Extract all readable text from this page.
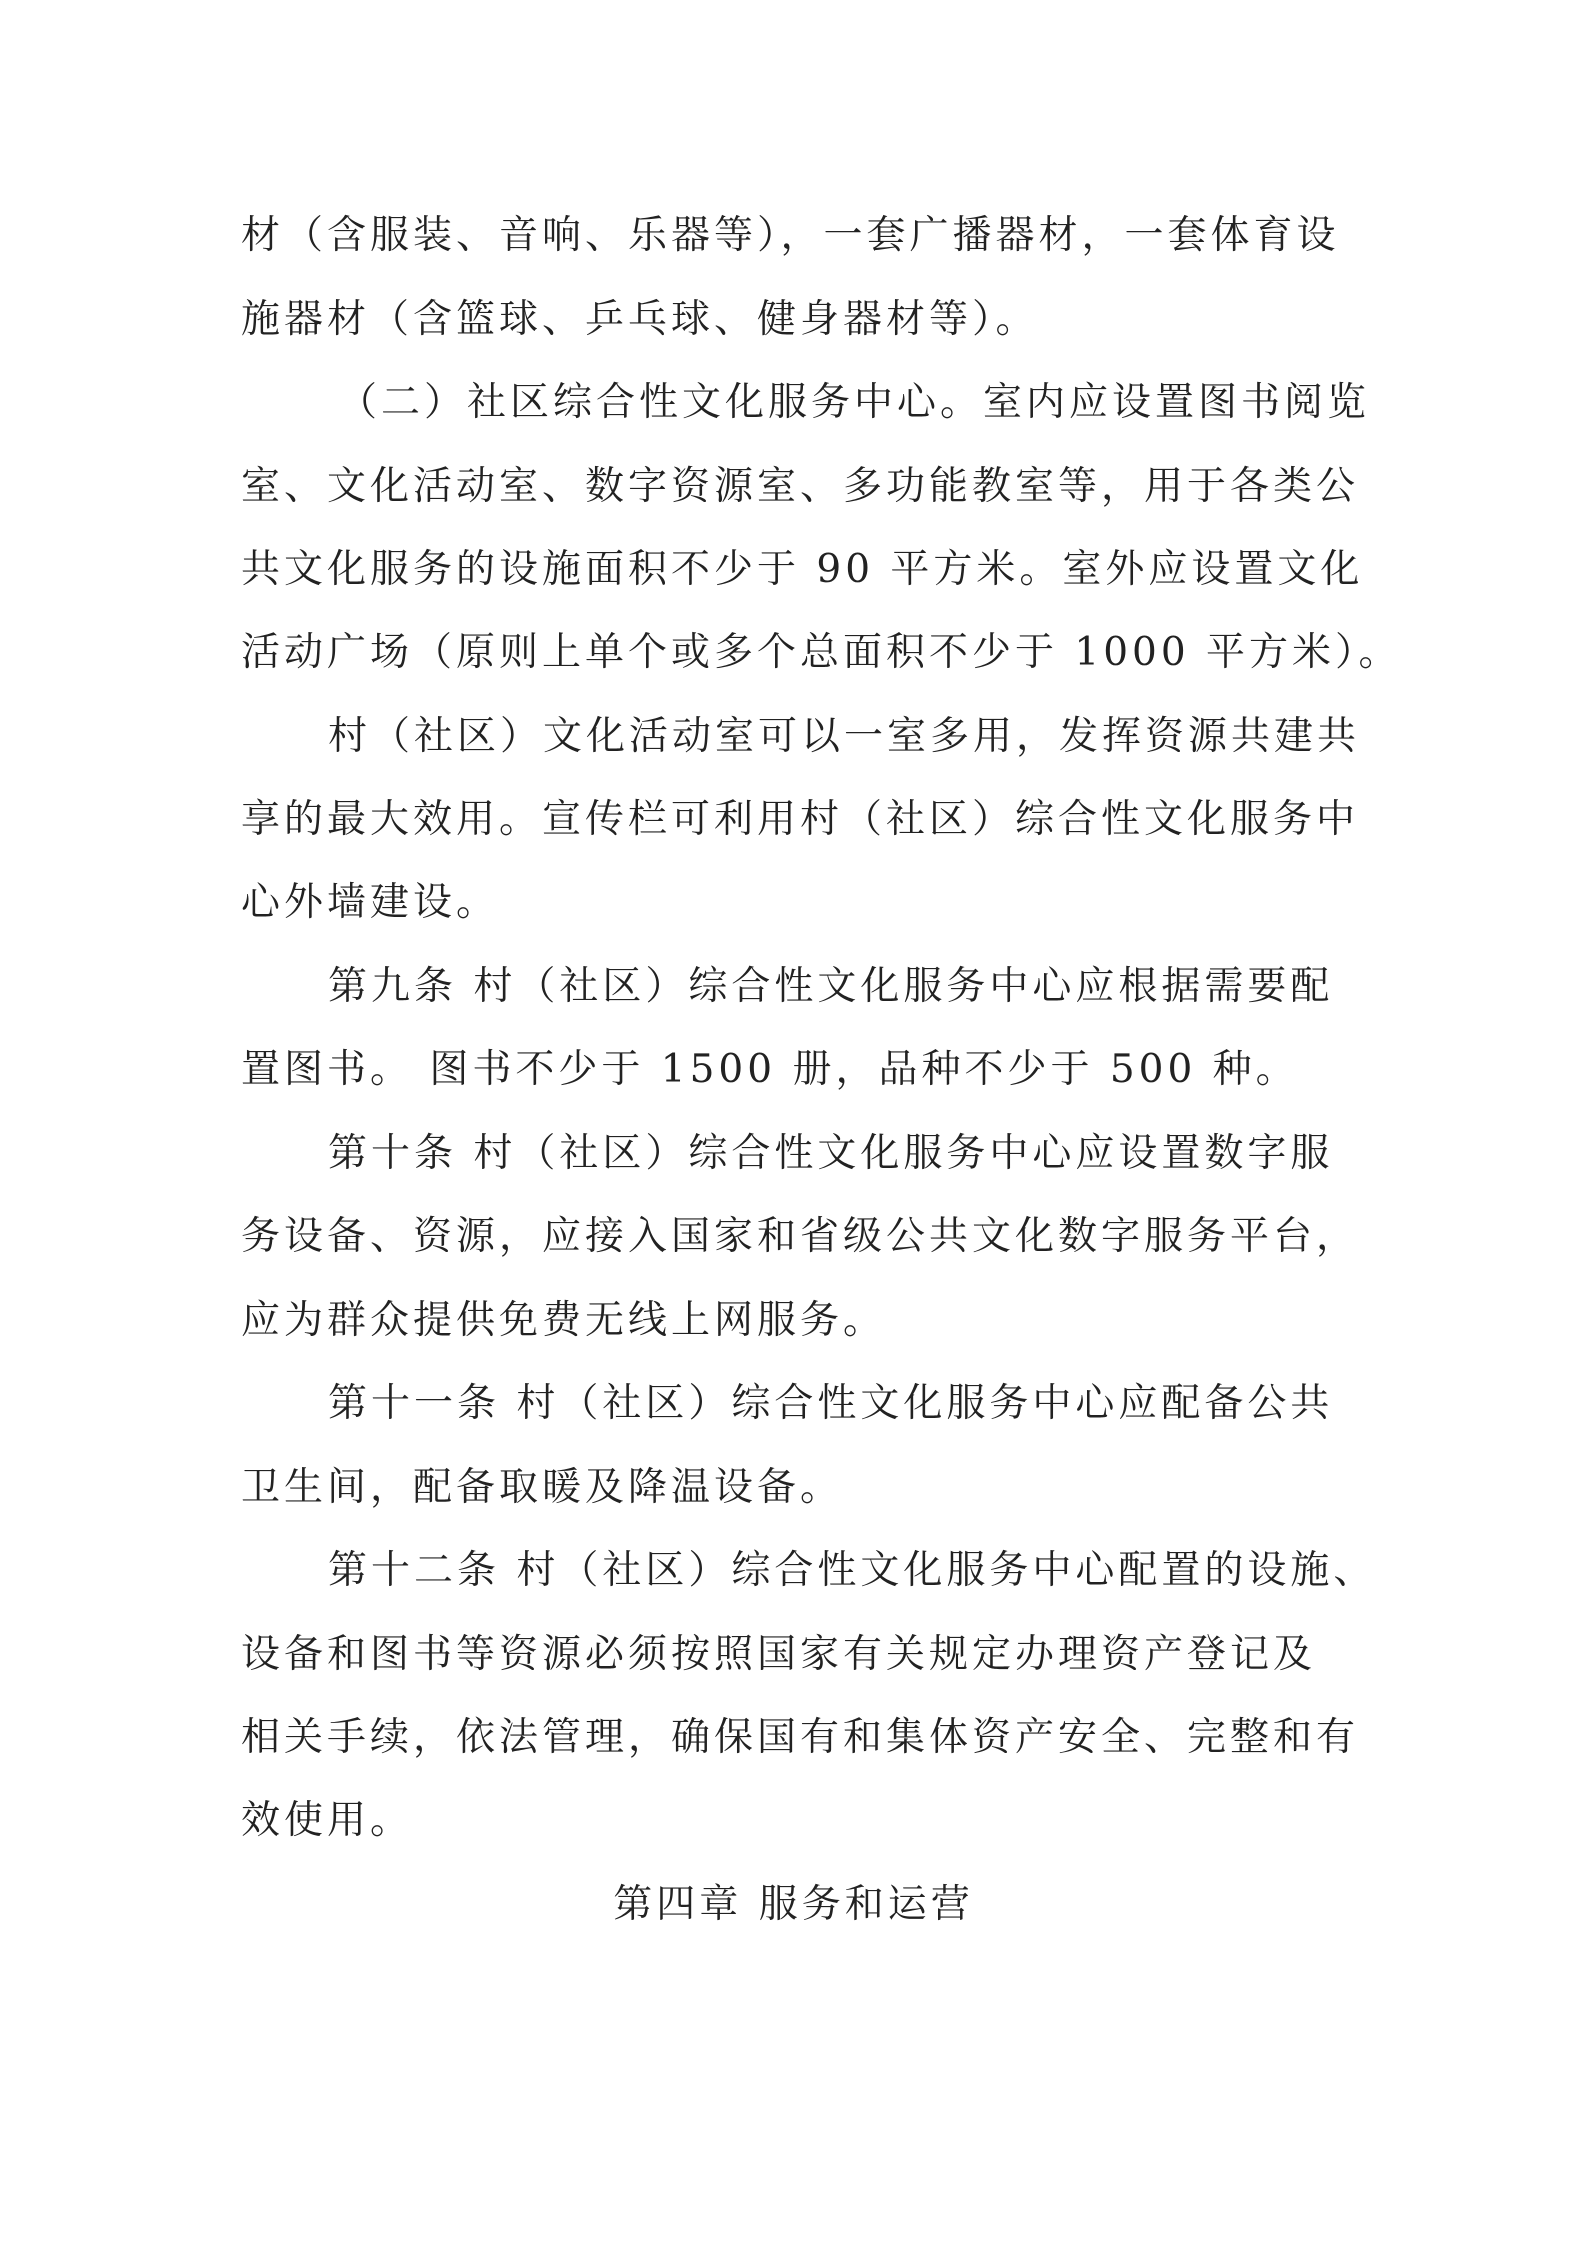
材（含服装、音响、乐器等），一套广播器材，一套体育设
施器材（含篮球、乒乓球、健身器材等）。
（二）社区综合性文化服务中心。室内应设置图书阅览
室、文化活动室、数字资源室、多功能教室等，用于各类公
共文化服务的设施面积不少于 90 平方米。室外应设置文化
活动广场（原则上单个或多个总面积不少于 1000 平方米）。
村（社区）文化活动室可以一室多用，发挥资源共建共
享的最大效用。宣传栏可利用村（社区）综合性文化服务中
心外墙建设。
第九条 村（社区）综合性文化服务中心应根据需要配
置图书。 图书不少于 1500 册，品种不少于 500 种。
第十条 村（社区）综合性文化服务中心应设置数字服
务设备、资源，应接入国家和省级公共文化数字服务平台，
应为群众提供免费无线上网服务。
第十一条 村（社区）综合性文化服务中心应配备公共
卫生间，配备取暖及降温设备。
第十二条 村（社区）综合性文化服务中心配置的设施、
设备和图书等资源必须按照国家有关规定办理资产登记及
相关手续，依法管理，确保国有和集体资产安全、完整和有
效使用。
第四章 服务和运营
